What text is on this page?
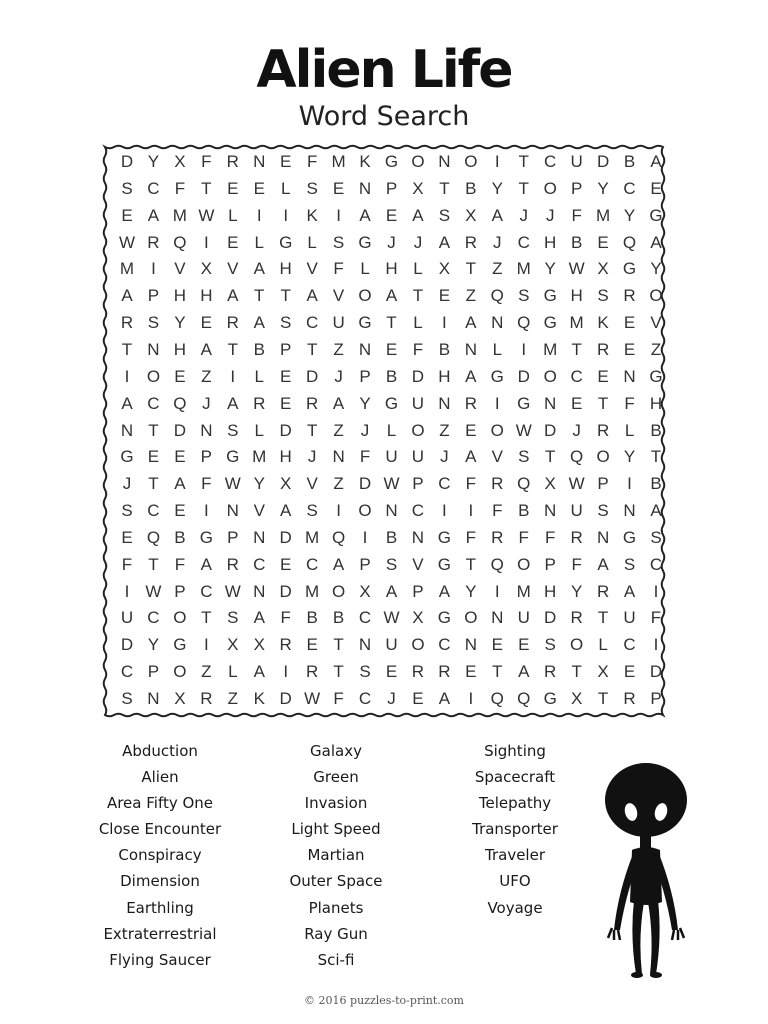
Alien Life
Word Search
D Y X F R N E F M K G O N O	I	T C U D B A
S C F T E E L S E N P X T B Y T O P Y C E
E A M W L	I	I	K	I	A E A S X A J	J	F M Y G
W R Q	I	E L G L S G J	J A R J C H B E Q A
M I	V X V A H V F L H L X T Z M Y W X G Y
A P H H A T T A V O A T E Z Q S G H S R O
R S Y E R A S C U G T L	I	A N Q G M K E V
T N H A T B P T Z N E F B N L	I M T R E Z
I	O E Z	I	L E D J P B D H A G D O C E N G
A C Q J A R E R A Y G U N R	I	G N E T F H
N T D N S L D T Z	J	L O Z E O W D J R L B
G E E P G M H J N F U U J A V S T Q O Y T
J T A F W Y X V Z D W P C F R Q X W P	I	B
S C E	I	N V A S	I	O N C	I	I	F B N U S N A
E Q B G P N D M Q	I	B N G F R F F R N G S
F T F A R C E C A P S V G T Q O P F A S C
I W P C W N D M O X A P A Y	I	M H Y R A	I
U C O T S A F B B C W X G O N U D R T U F
D Y G	I	X X R E T N U O C N E E S O L C	I
C P O Z L A	I	R T S E R R E T A R T X E D
S N X R Z K D W F C J E A	I	Q Q G X T R P
Abduction
Alien
Area Fifty One
Close Encounter
Conspiracy
Dimension
Earthling
Extraterrestrial
Flying Saucer
Galaxy
Green
Invasion
Light Speed
Martian
Outer Space
Planets
Ray Gun
Sci-fi
Sighting
Spacecraft
Telepathy
Transporter
Traveler
UFO
Voyage
© 2016 puzzles-to-print.com
